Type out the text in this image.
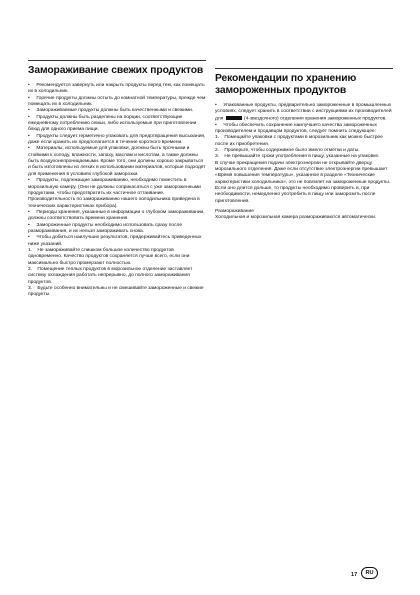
Замораживание свежих продуктов

•     Рекомендуется завернуть или накрыть продукты перед тем, как помещать их в холодильник.

•     Горячие продукты должны остыть до комнатной температуры, прежде чем помещать их в холодильник.

•     Замораживаемые продукты должны быть качественными и свежими.

•     Продукты должны быть разделены на порции, соответствующие ежедневному потреблению семьи, либо используемые при приготовлении блюд для одного приема пищи.

•     Продукты следует герметично упаковать для предотвращения высыхания, даже если хранить их предполагается в течение короткого времени.

•     Материалы, используемые для упаковки, должны быть прочными и стойкими к холоду, влажности, запаху, маслам и кислотам, а также должны быть воздухонепроницаемыми. Кроме того, они должны хорошо закрываться и быть изготовлены из легких в использовании материалов, которые подходят для применения в условиях глубокой заморозки.

•     Продукты, подлежащие замораживанию, необходимо поместить в морозильную камеру. (Они не должны соприкасаться с уже замороженными продуктами, чтобы предотвратить их частичное оттаивание. Производительность по замораживанию нашего холодильника приведена в технических характеристиках прибора).

•     Периоды хранения, указанные в информации о глубоком замораживании, должны соответствовать времени хранения.

•     Замороженные продукты необходимо использовать сразу после размораживания, и их нельзя замораживать снова.

•     Чтобы добиться наилучших результатов, придерживайтесь приведенных ниже указаний.

1.    Не замораживайте слишком большое количество продуктов одновременно. Качество продуктов сохраняется лучше всего, если они максимально быстро промерзают полностью.

2.    Помещение теплых продуктов в морозильное отделение заставляет систему охлаждения работать непрерывно, до полного замораживания продуктов.

3.    Будьте особенно внимательны и не смешивайте замороженные и свежие продукты.

Рекомендации по хранению замороженных продуктов

•     Упакованные продукты, предварительно замороженные в промышленных условиях, следует хранить в соответствии с инструкциями их производителей для	(4-звездочного) отделения хранения замороженных продуктов.

•     Чтобы обеспечить сохранение наилучшего качества замороженных производителем и продавцом продуктов, следует помнить следующее:

1.    Помещайте упаковки с продуктами в морозильник как можно быстрее после их приобретения.

2.    Проверьте, чтобы содержимое было имело отметки и даты.

3.    Не превышайте сроки употребления в пищу, указанные на упаковке.

В случае прекращения подачи электроэнергии не открывайте дверцу морозильного отделения. Даже если отсутствие электроэнергии превышает «Время повышения температуры», указанное в разделе «Технические характеристики холодильника», это не повлияет на замороженные продукты. Если оно длится дольше, то продукты необходимо проверить и, при необходимости, немедленно употребить в пищу или заморозить после приготовления.

Размораживание

Холодильная и морозильная камера размораживаются автоматически.

17	RU
